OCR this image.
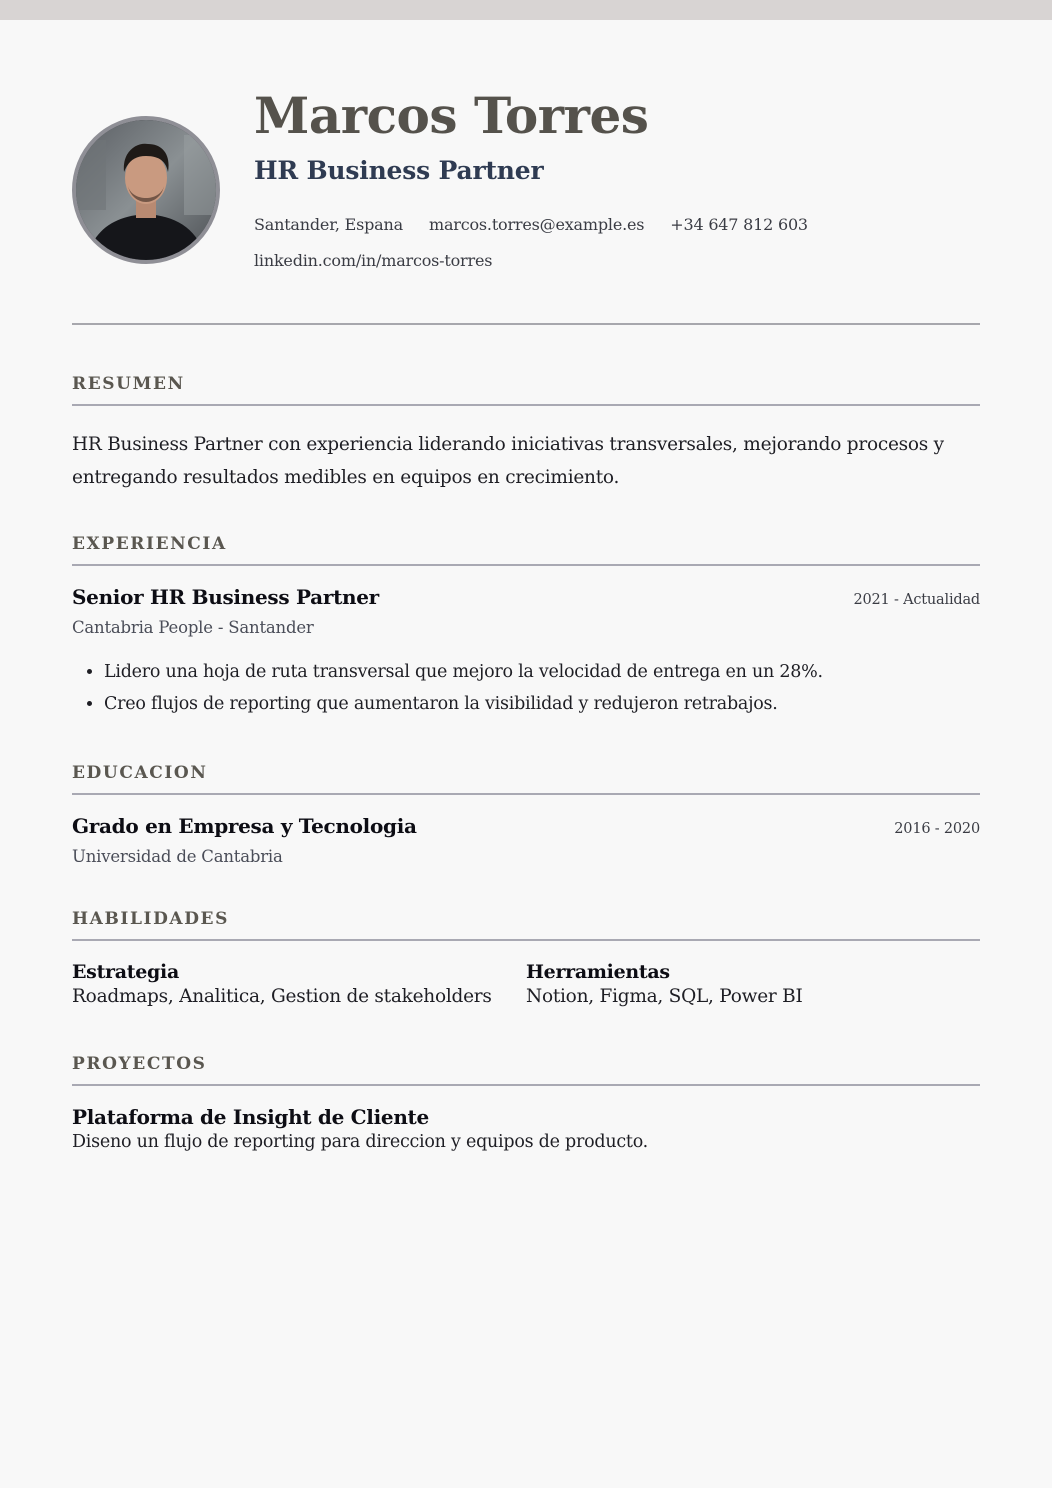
Marcos Torres
HR Business Partner
Santander, Espana marcos.torres@example.es +34 647 812 603
linkedin.com/in/marcos-torres
RESUMEN
HR Business Partner con experiencia liderando iniciativas transversales, mejorando procesos y entregando resultados medibles en equipos en crecimiento.
EXPERIENCIA
Senior HR Business Partner	2021 - Actualidad
Cantabria People - Santander
• Lidero una hoja de ruta transversal que mejoro la velocidad de entrega en un 28%.
• Creo flujos de reporting que aumentaron la visibilidad y redujeron retrabajos.
EDUCACION
Grado en Empresa y Tecnologia	2016 - 2020
Universidad de Cantabria
HABILIDADES
Estrategia
Roadmaps, Analitica, Gestion de stakeholders
Herramientas
Notion, Figma, SQL, Power BI
PROYECTOS
Plataforma de Insight de Cliente
Diseno un flujo de reporting para direccion y equipos de producto.
